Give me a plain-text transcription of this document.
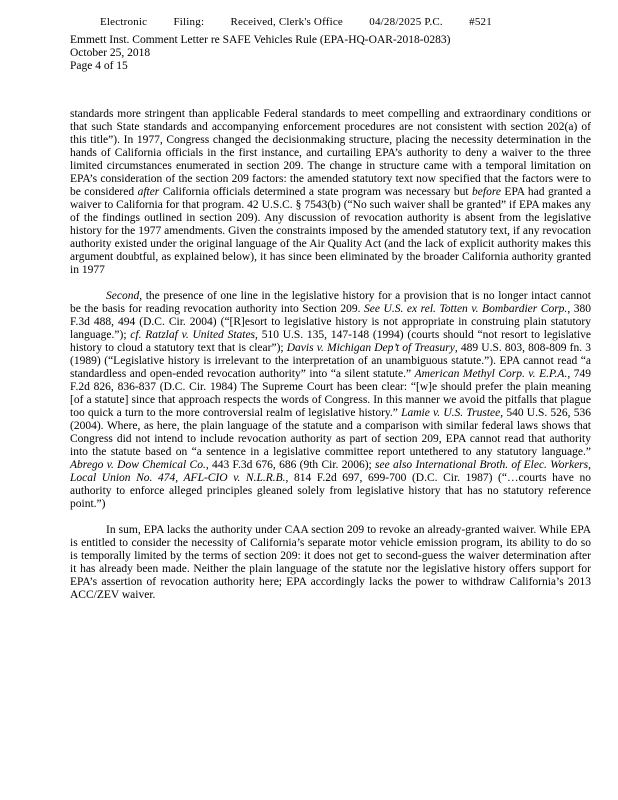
Electronic Filing: Received, Clerk's Office 04/28/2025 P.C. #521
Emmett Inst. Comment Letter re SAFE Vehicles Rule (EPA-HQ-OAR-2018-0283)
October 25, 2018
Page 4 of 15

standards more stringent than applicable Federal standards to meet compelling and extraordinary conditions or that such State standards and accompanying enforcement procedures are not consistent with section 202(a) of this title”). In 1977, Congress changed the decisionmaking structure, placing the necessity determination in the hands of California officials in the first instance, and curtailing EPA’s authority to deny a waiver to the three limited circumstances enumerated in section 209. The change in structure came with a temporal limitation on EPA’s consideration of the section 209 factors: the amended statutory text now specified that the factors were to be considered after California officials determined a state program was necessary but before EPA had granted a waiver to California for that program. 42 U.S.C. § 7543(b) (“No such waiver shall be granted” if EPA makes any of the findings outlined in section 209). Any discussion of revocation authority is absent from the legislative history for the 1977 amendments. Given the constraints imposed by the amended statutory text, if any revocation authority existed under the original language of the Air Quality Act (and the lack of explicit authority makes this argument doubtful, as explained below), it has since been eliminated by the broader California authority granted in 1977

Second, the presence of one line in the legislative history for a provision that is no longer intact cannot be the basis for reading revocation authority into Section 209. See U.S. ex rel. Totten v. Bombardier Corp., 380 F.3d 488, 494 (D.C. Cir. 2004) (“[R]esort to legislative history is not appropriate in construing plain statutory language.”); cf. Ratzlaf v. United States, 510 U.S. 135, 147-148 (1994) (courts should “not resort to legislative history to cloud a statutory text that is clear”); Davis v. Michigan Dep’t of Treasury, 489 U.S. 803, 808-809 fn. 3 (1989) (“Legislative history is irrelevant to the interpretation of an unambiguous statute.”). EPA cannot read “a standardless and open-ended revocation authority” into “a silent statute.” American Methyl Corp. v. E.P.A., 749 F.2d 826, 836-837 (D.C. Cir. 1984) The Supreme Court has been clear: “[w]e should prefer the plain meaning [of a statute] since that approach respects the words of Congress. In this manner we avoid the pitfalls that plague too quick a turn to the more controversial realm of legislative history.” Lamie v. U.S. Trustee, 540 U.S. 526, 536 (2004). Where, as here, the plain language of the statute and a comparison with similar federal laws shows that Congress did not intend to include revocation authority as part of section 209, EPA cannot read that authority into the statute based on “a sentence in a legislative committee report untethered to any statutory language.” Abrego v. Dow Chemical Co., 443 F.3d 676, 686 (9th Cir. 2006); see also International Broth. of Elec. Workers, Local Union No. 474, AFL-CIO v. N.L.R.B., 814 F.2d 697, 699-700 (D.C. Cir. 1987) (“…courts have no authority to enforce alleged principles gleaned solely from legislative history that has no statutory reference point.”)

In sum, EPA lacks the authority under CAA section 209 to revoke an already-granted waiver. While EPA is entitled to consider the necessity of California’s separate motor vehicle emission program, its ability to do so is temporally limited by the terms of section 209: it does not get to second-guess the waiver determination after it has already been made. Neither the plain language of the statute nor the legislative history offers support for EPA’s assertion of revocation authority here; EPA accordingly lacks the power to withdraw California’s 2013 ACC/ZEV waiver.
